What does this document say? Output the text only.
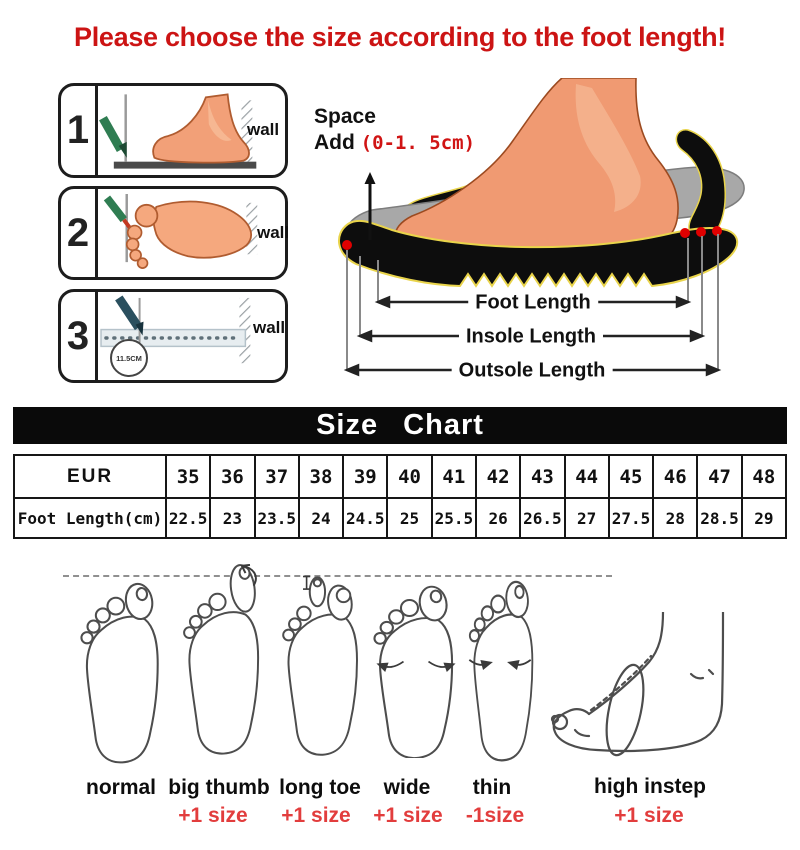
Please choose the size according to the foot length!
1	wall
2	wall
3
11.5CM
wall
Space
Add (0-1. 5cm)
Foot Length
Insole Length
Outsole Length
Size Chart
EUR	35	36	37	38	39	40	41	42	43	44	45	46	47	48
Foot Length(cm)	22.5	23	23.5	24	24.5	25	25.5	26	26.5	27	27.5	28	28.5	29
normal big thumb long toe wide thin	high instep
+1 size +1 size +1 size -1size	+1 size
